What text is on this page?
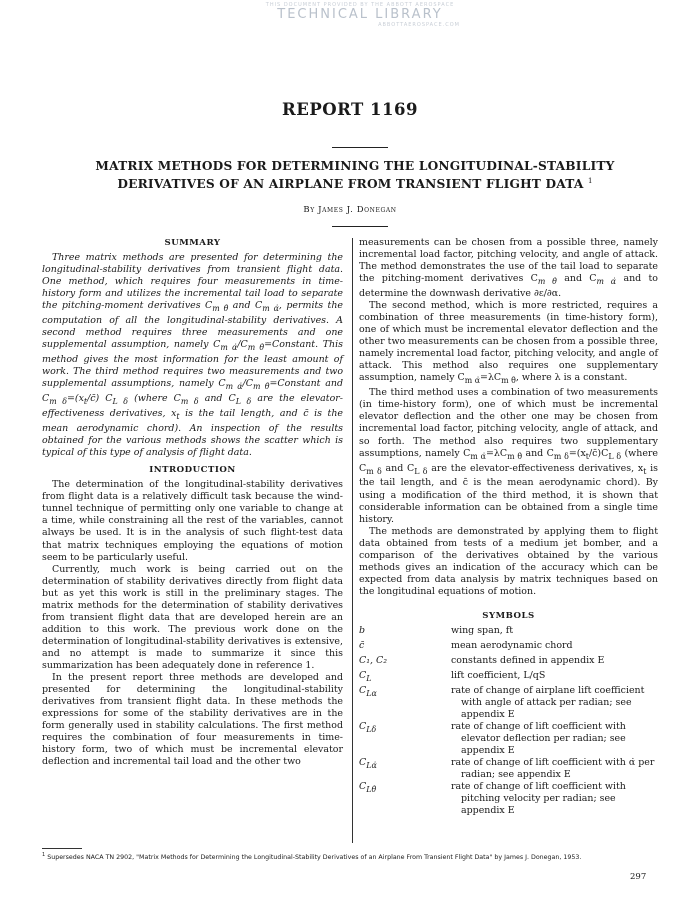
THIS DOCUMENT PROVIDED BY THE ABBOTT AEROSPACE
TECHNICAL LIBRARY
ABBOTTAEROSPACE.COM
REPORT 1169
MATRIX METHODS FOR DETERMINING THE LONGITUDINAL-STABILITY
DERIVATIVES OF AN AIRPLANE FROM TRANSIENT FLIGHT DATA $^1$
By James J. Donegan
SUMMARY

Three matrix methods are presented for determining the longitudinal-stability derivatives from transient flight data. One method, which requires four measurements in time-history form and utilizes the incremental tail load to separate the pitching-moment derivatives $C_{m \thetȧ}$ and $C_{m \alphȧ}$, permits the computation of all the longitudinal-stability derivatives. A second method requires three measurements and one supplemental assumption, namely $C_{m \alphȧ}/C_{m \thetȧ}=Constant$. This method gives the most information for the least amount of work. The third method requires two measurements and two supplemental assumptions, namely $C_{m \alphȧ}/C_{m \thetȧ}=Constant$ and $C_{m \delta}=(x_t/c̄)$ $C_{L \delta}$ (where $C_{m \delta}$ and $C_{L \delta}$ are the elevator-effectiveness derivatives, $x_t$ is the tail length, and c̄ is the mean aerodynamic chord). An inspection of the results obtained for the various methods shows the scatter which is typical of this type of analysis of flight data.

INTRODUCTION

The determination of the longitudinal-stability derivatives from flight data is a relatively difficult task because the wind-tunnel technique of permitting only one variable to change at a time, while constraining all the rest of the variables, cannot always be used. It is in the analysis of such flight-test data that matrix techniques employing the equations of motion seem to be particularly useful.

Currently, much work is being carried out on the determination of stability derivatives directly from flight data but as yet this work is still in the preliminary stages. The matrix methods for the determination of stability derivatives from transient flight data that are developed herein are an addition to this work. The previous work done on the determination of longitudinal-stability derivatives is extensive, and no attempt is made to summarize it since this summarization has been adequately done in reference 1.

In the present report three methods are developed and presented for determining the longitudinal-stability derivatives from transient flight data. In these methods the expressions for some of the stability derivatives are in the form generally used in stability calculations. The first method requires the combination of four measurements in time-history form, two of which must be incremental elevator deflection and incremental tail load and the other two

measurements can be chosen from a possible three, namely incremental load factor, pitching velocity, and angle of attack. The method demonstrates the use of the tail load to separate the pitching-moment derivatives $C_{m \thetȧ}$ and $C_{m \alphȧ}$ and to determine the downwash derivative ∂ε/∂α.

The second method, which is more restricted, requires a combination of three measurements (in time-history form), one of which must be incremental elevator deflection and the other two measurements can be chosen from a possible three, namely incremental load factor, pitching velocity, and angle of attack. This method also requires one supplementary assumption, namely $C_{m \alphȧ}=\lambda C_{m \thetȧ}$, where λ is a constant.

The third method uses a combination of two measurements (in time-history form), one of which must be incremental elevator deflection and the other one may be chosen from incremental load factor, pitching velocity, angle of attack, and so forth. The method also requires two supplementary assumptions, namely $C_{m \alphȧ}=\lambda C_{m \thetȧ}$ and $C_{m \delta}=(x_t/c̄)C_{L \delta}$ (where $C_{m \delta}$ and $C_{L \delta}$ are the elevator-effectiveness derivatives, $x_t$ is the tail length, and c̄ is the mean aerodynamic chord). By using a modification of the third method, it is shown that considerable information can be obtained from a single time history.

The methods are demonstrated by applying them to flight data obtained from tests of a medium jet bomber, and a comparison of the derivatives obtained by the various methods gives an indication of the accuracy which can be expected from data analysis by matrix techniques based on the longitudinal equations of motion.

SYMBOLS
b	wing span, ft
c̄	mean aerodynamic chord
C₁, C₂	constants defined in appendix E
$C_L$	lift coefficient, L/qS
$C_{L\alpha}$	rate of change of airplane lift coefficient with angle of attack per radian; see appendix E
$C_{L\delta}$	rate of change of lift coefficient with elevator deflection per radian; see appendix E
$C_{L\alphȧ}$	rate of change of lift coefficient with α̇ per radian; see appendix E
$C_{L\thetȧ}$	rate of change of lift coefficient with pitching velocity per radian; see appendix E
$^1$ Supersedes NACA TN 2902, "Matrix Methods for Determining the Longitudinal-Stability Derivatives of an Airplane From Transient Flight Data" by James J. Donegan, 1953.
297
